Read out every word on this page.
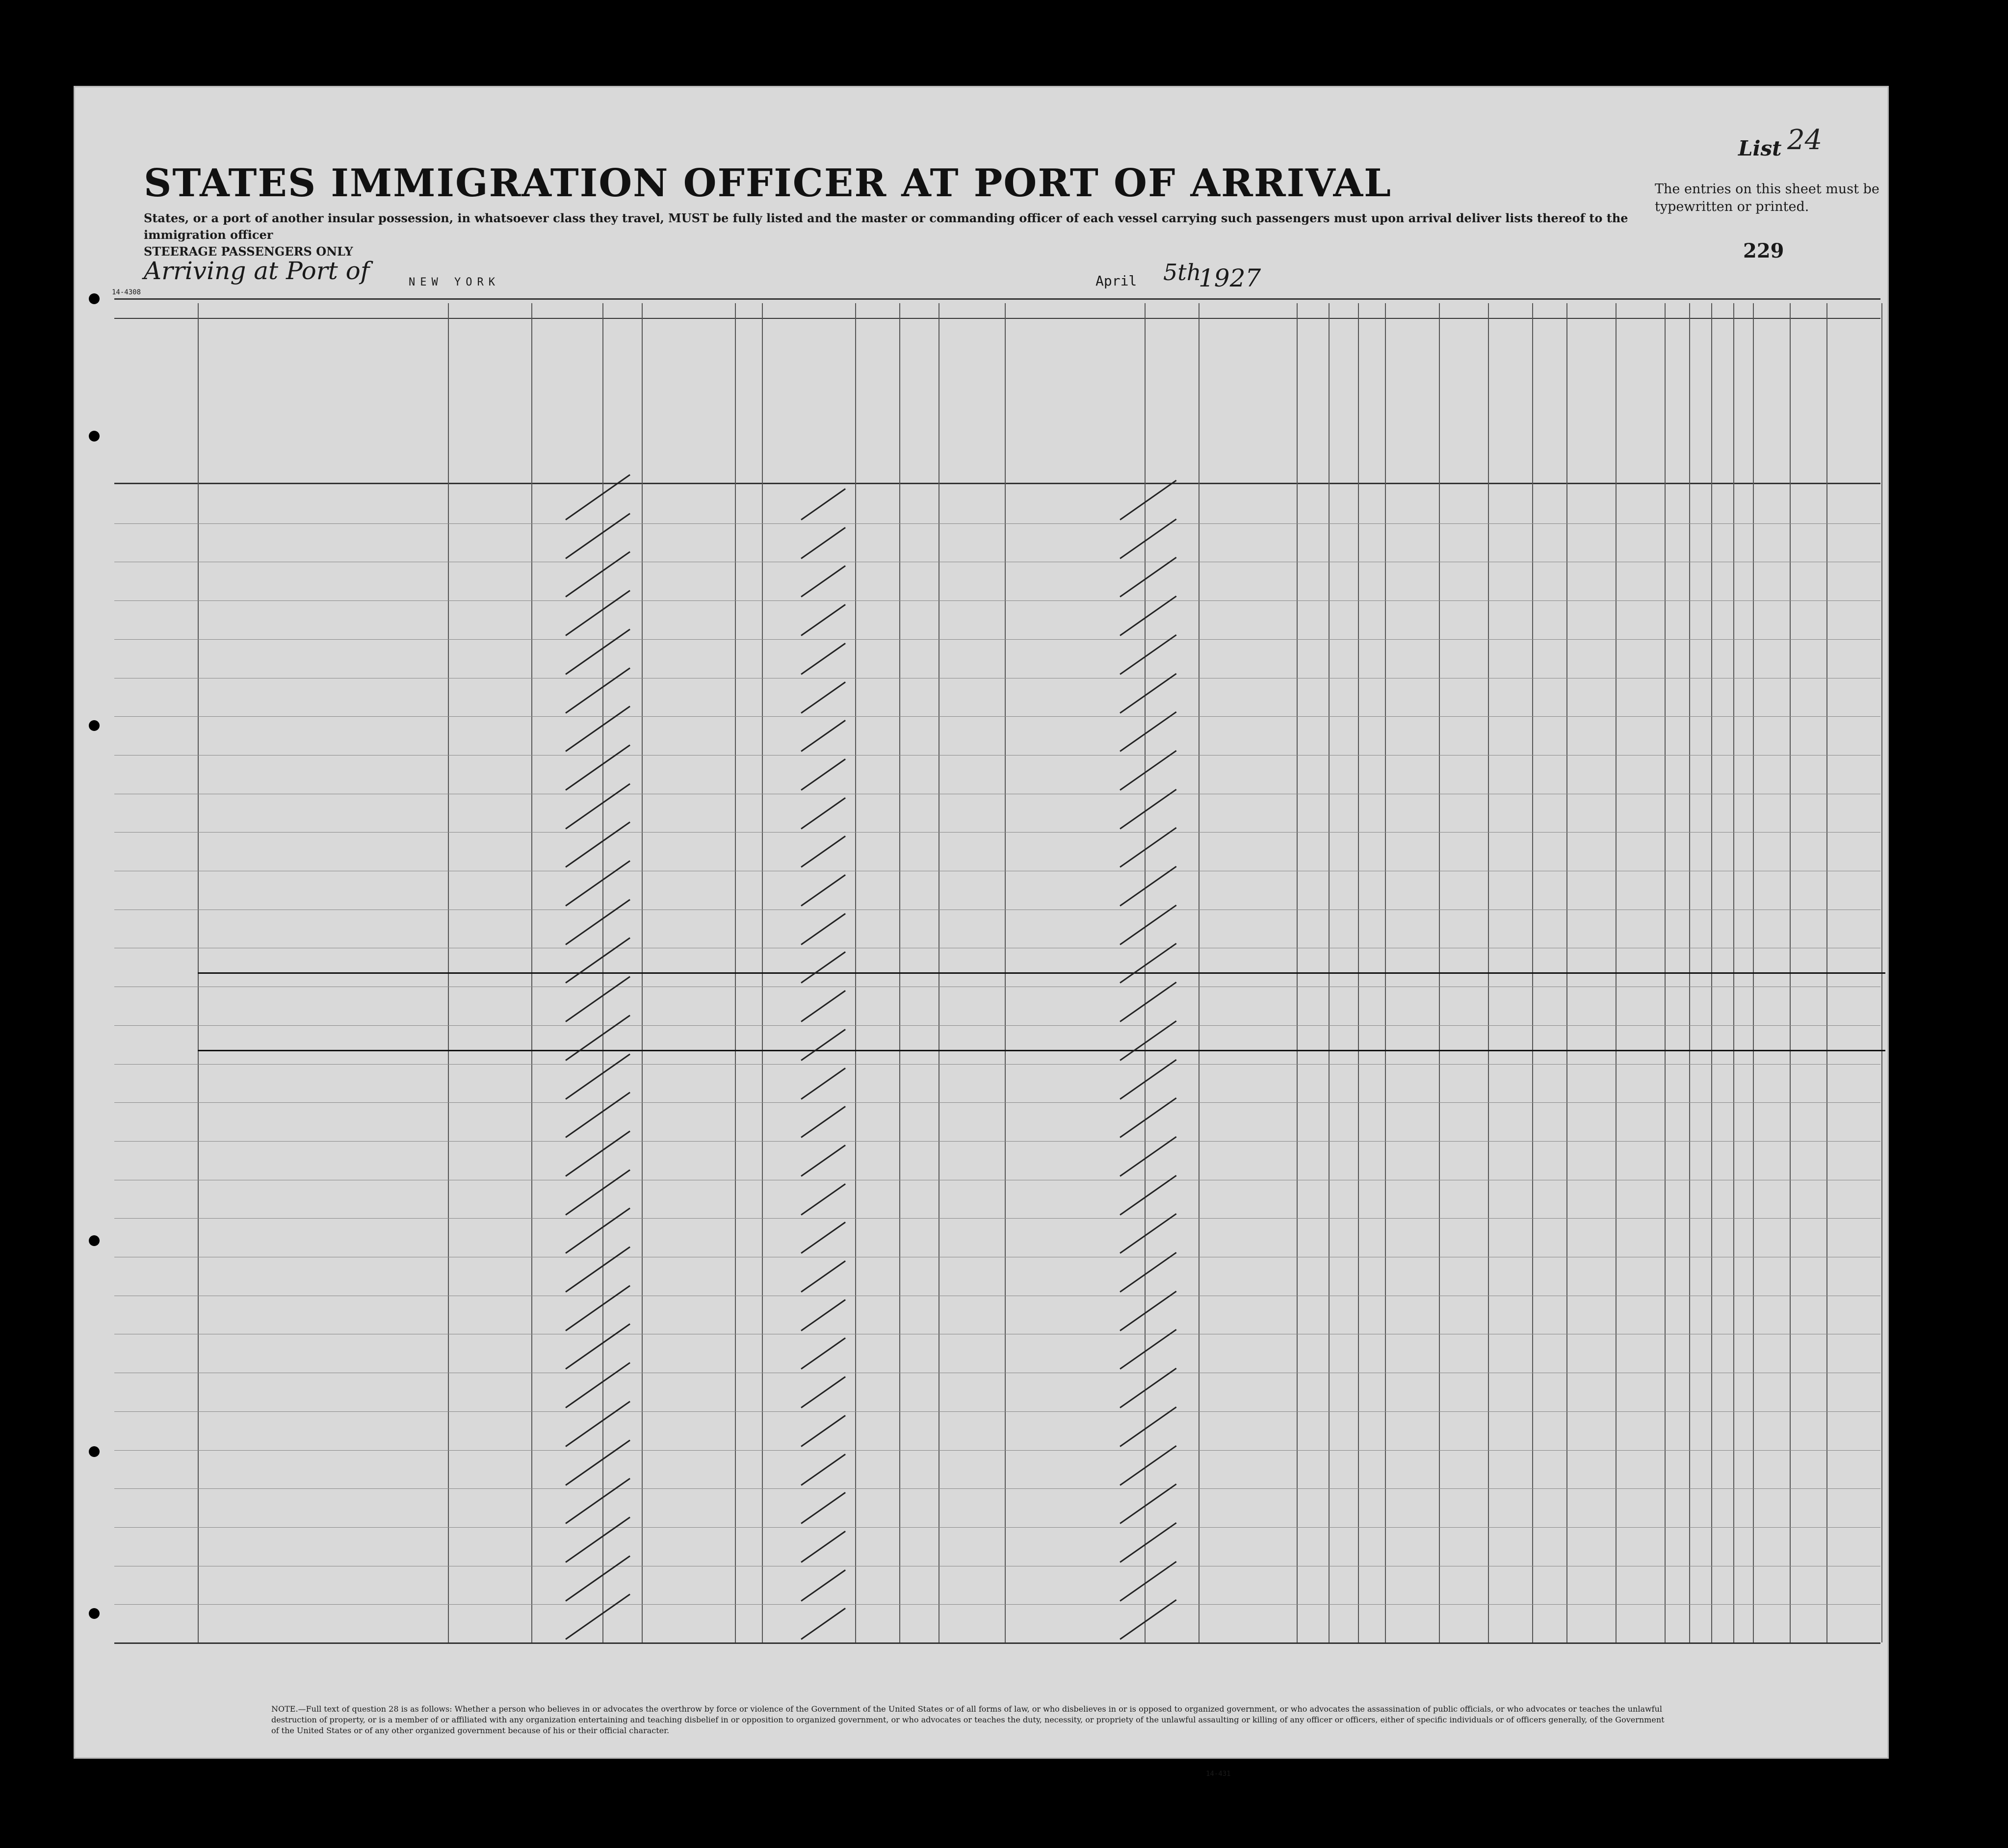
STATES IMMIGRATION OFFICER AT PORT OF ARRIVAL
List 24
The entries on this sheet must be typewritten or printed.
229
States, or a port of another insular possession, in whatsoever class they travel, MUST be fully listed and the master or commanding officer of each vessel carrying such passengers must upon arrival deliver lists thereof to the immigration officer
STEERAGE PASSENGERS ONLY
Arriving at Port of	NEW YORK	April 5th
1927
14-4308
NOTE.—Full text of question 28 is as follows: Whether a person who believes in or advocates the overthrow by force or violence of the Government of the United States or of all forms of law, or who disbelieves in or is opposed to organized government, or who advocates the assassination of public officials, or who advocates or teaches the unlawful destruction of property, or is a member of or affiliated with any organization entertaining and teaching disbelief in or opposition to organized government, or who advocates or teaches the duty, necessity, or propriety of the unlawful assaulting or killing of any officer or officers, either of specific individuals or of officers generally, of the Government of the United States or of any other organized government because of his or their official character.
14-431
